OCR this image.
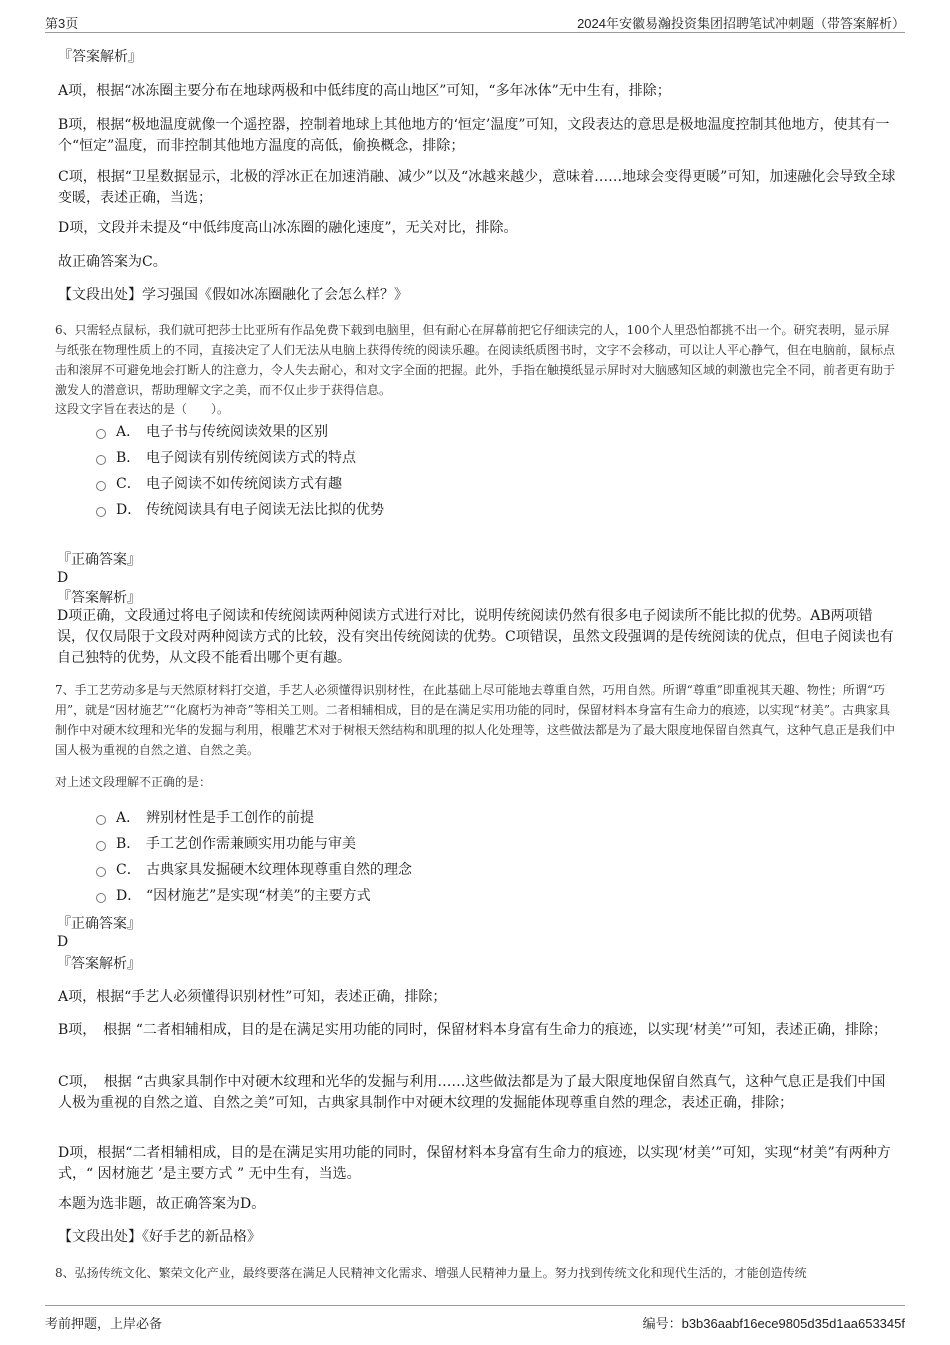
第3页	2024年安徽易瀚投资集团招聘笔试冲刺题（带答案解析）
『答案解析』
A项，根据“冰冻圈主要分布在地球两极和中低纬度的高山地区”可知，“多年冰体”无中生有，排除；
B项，根据“极地温度就像一个遥控器，控制着地球上其他地方的‘恒定’温度”可知，文段表达的意思是极地温度控制其他地方，使其有一个“恒定”温度，而非控制其他地方温度的高低，偷换概念，排除；
C项，根据“卫星数据显示，北极的浮冰正在加速消融、减少”以及“冰越来越少，意味着……地球会变得更暖”可知，加速融化会导致全球变暖，表述正确，当选；
D项，文段并未提及“中低纬度高山冰冻圈的融化速度”，无关对比，排除。
故正确答案为C。
【文段出处】学习强国《假如冰冻圈融化了会怎么样？》
6、只需轻点鼠标，我们就可把莎士比亚所有作品免费下载到电脑里，但有耐心在屏幕前把它仔细读完的人，100个人里恐怕都挑不出一个。研究表明，显示屏与纸张在物理性质上的不同，直接决定了人们无法从电脑上获得传统的阅读乐趣。在阅读纸质图书时，文字不会移动，可以让人平心静气，但在电脑前，鼠标点击和滚屏不可避免地会打断人的注意力，令人失去耐心，和对文字全面的把握。此外，手指在触摸纸显示屏时对大脑感知区域的刺激也完全不同，前者更有助于激发人的潜意识，帮助理解文字之美，而不仅止步于获得信息。
这段文字旨在表达的是（　　）。
A． 电子书与传统阅读效果的区别
B． 电子阅读有别传统阅读方式的特点
C． 电子阅读不如传统阅读方式有趣
D． 传统阅读具有电子阅读无法比拟的优势
『正确答案』
D
『答案解析』
D项正确，文段通过将电子阅读和传统阅读两种阅读方式进行对比，说明传统阅读仍然有很多电子阅读所不能比拟的优势。AB两项错误，仅仅局限于文段对两种阅读方式的比较，没有突出传统阅读的优势。C项错误，虽然文段强调的是传统阅读的优点，但电子阅读也有自己独特的优势，从文段不能看出哪个更有趣。
7、手工艺劳动多是与天然原材料打交道，手艺人必须懂得识别材性，在此基础上尽可能地去尊重自然，巧用自然。所谓“尊重”即重视其天趣、物性；所谓“巧用”，就是“因材施艺”“化腐朽为神奇”等相关工则。二者相辅相成，目的是在满足实用功能的同时，保留材料本身富有生命力的痕迹，以实现“材美”。古典家具制作中对硬木纹理和光华的发掘与利用，根雕艺术对于树根天然结构和肌理的拟人化处理等，这些做法都是为了最大限度地保留自然真气，这种气息正是我们中国人极为重视的自然之道、自然之美。
对上述文段理解不正确的是：
A． 辨别材性是手工创作的前提
B． 手工艺创作需兼顾实用功能与审美
C． 古典家具发掘硬木纹理体现尊重自然的理念
D． “因材施艺”是实现“材美”的主要方式
『正确答案』
D
『答案解析』
A项，根据“手艺人必须懂得识别材性”可知，表述正确，排除；
B项，　根据 “二者相辅相成，目的是在满足实用功能的同时，保留材料本身富有生命力的痕迹，以实现‘材美’”可知，表述正确，排除；
C项，　根据 “古典家具制作中对硬木纹理和光华的发掘与利用……这些做法都是为了最大限度地保留自然真气，这种气息正是我们中国人极为重视的自然之道、自然之美”可知，古典家具制作中对硬木纹理的发掘能体现尊重自然的理念，表述正确，排除；
D项，根据“二者相辅相成，目的是在满足实用功能的同时，保留材料本身富有生命力的痕迹，以实现‘材美’”可知，实现“材美”有两种方式，“ 因材施艺 ’是主要方式 ” 无中生有，当选。
本题为选非题，故正确答案为D。
【文段出处】《好手艺的新品格》
8、弘扬传统文化、繁荣文化产业，最终要落在满足人民精神文化需求、增强人民精神力量上。努力找到传统文化和现代生活的，才能创造传统
考前押题，上岸必备	编号：b3b36aabf16ece9805d35d1aa653345f
